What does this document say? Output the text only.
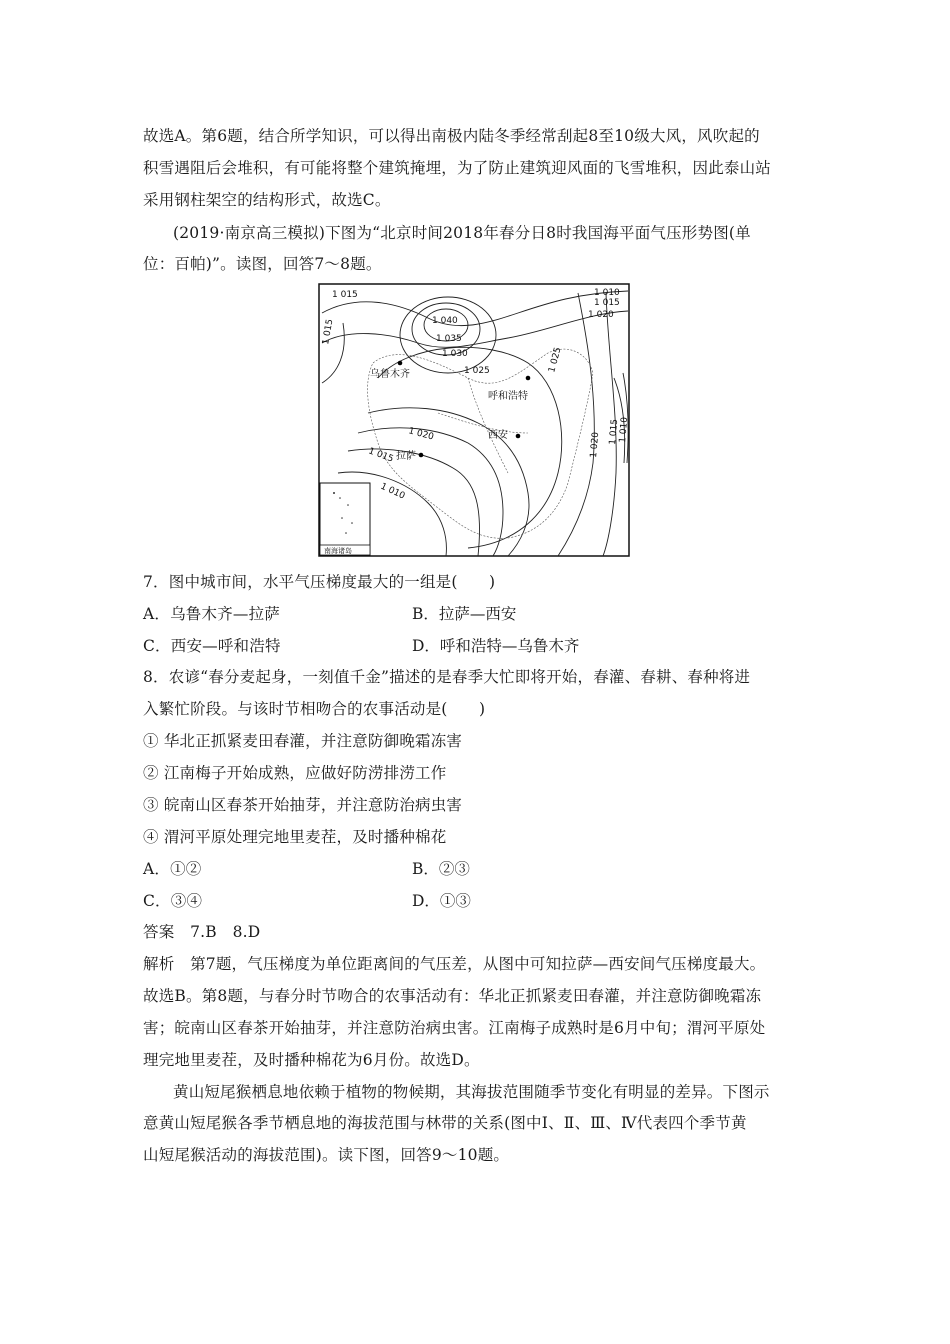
故选A。第6题，结合所学知识，可以得出南极内陆冬季经常刮起8至10级大风，风吹起的
积雪遇阻后会堆积，有可能将整个建筑掩埋，为了防止建筑迎风面的飞雪堆积，因此泰山站
采用钢柱架空的结构形式，故选C。
(2019·南京高三模拟)下图为“北京时间2018年春分日8时我国海平面气压形势图(单
位：百帕)”。读图，回答7～8题。
南海诸岛
乌鲁木齐
呼和浩特
西安
拉萨
1 015
1 015	1 040
1 035
1 030
1 025
1 010
1 015
1 020
1 025
1 020
1 015
1 010
1 020 1 015
1 010
7．图中城市间，水平气压梯度最大的一组是(　　)
A．乌鲁木齐—拉萨	B．拉萨—西安
C．西安—呼和浩特	D．呼和浩特—乌鲁木齐
8．农谚“春分麦起身，一刻值千金”描述的是春季大忙即将开始，春灌、春耕、春种将进
入繁忙阶段。与该时节相吻合的农事活动是(　　)
① 华北正抓紧麦田春灌，并注意防御晚霜冻害
② 江南梅子开始成熟，应做好防涝排涝工作
③ 皖南山区春茶开始抽芽，并注意防治病虫害
④ 渭河平原处理完地里麦茬，及时播种棉花
A．①②	B．②③
C．③④	D．①③
答案　7.B　8.D
解析　第7题，气压梯度为单位距离间的气压差，从图中可知拉萨—西安间气压梯度最大。
故选B。第8题，与春分时节吻合的农事活动有：华北正抓紧麦田春灌，并注意防御晚霜冻
害；皖南山区春茶开始抽芽，并注意防治病虫害。江南梅子成熟时是6月中旬；渭河平原处
理完地里麦茬，及时播种棉花为6月份。故选D。
黄山短尾猴栖息地依赖于植物的物候期，其海拔范围随季节变化有明显的差异。下图示
意黄山短尾猴各季节栖息地的海拔范围与林带的关系(图中Ⅰ、Ⅱ、Ⅲ、Ⅳ代表四个季节黄
山短尾猴活动的海拔范围)。读下图，回答9～10题。
